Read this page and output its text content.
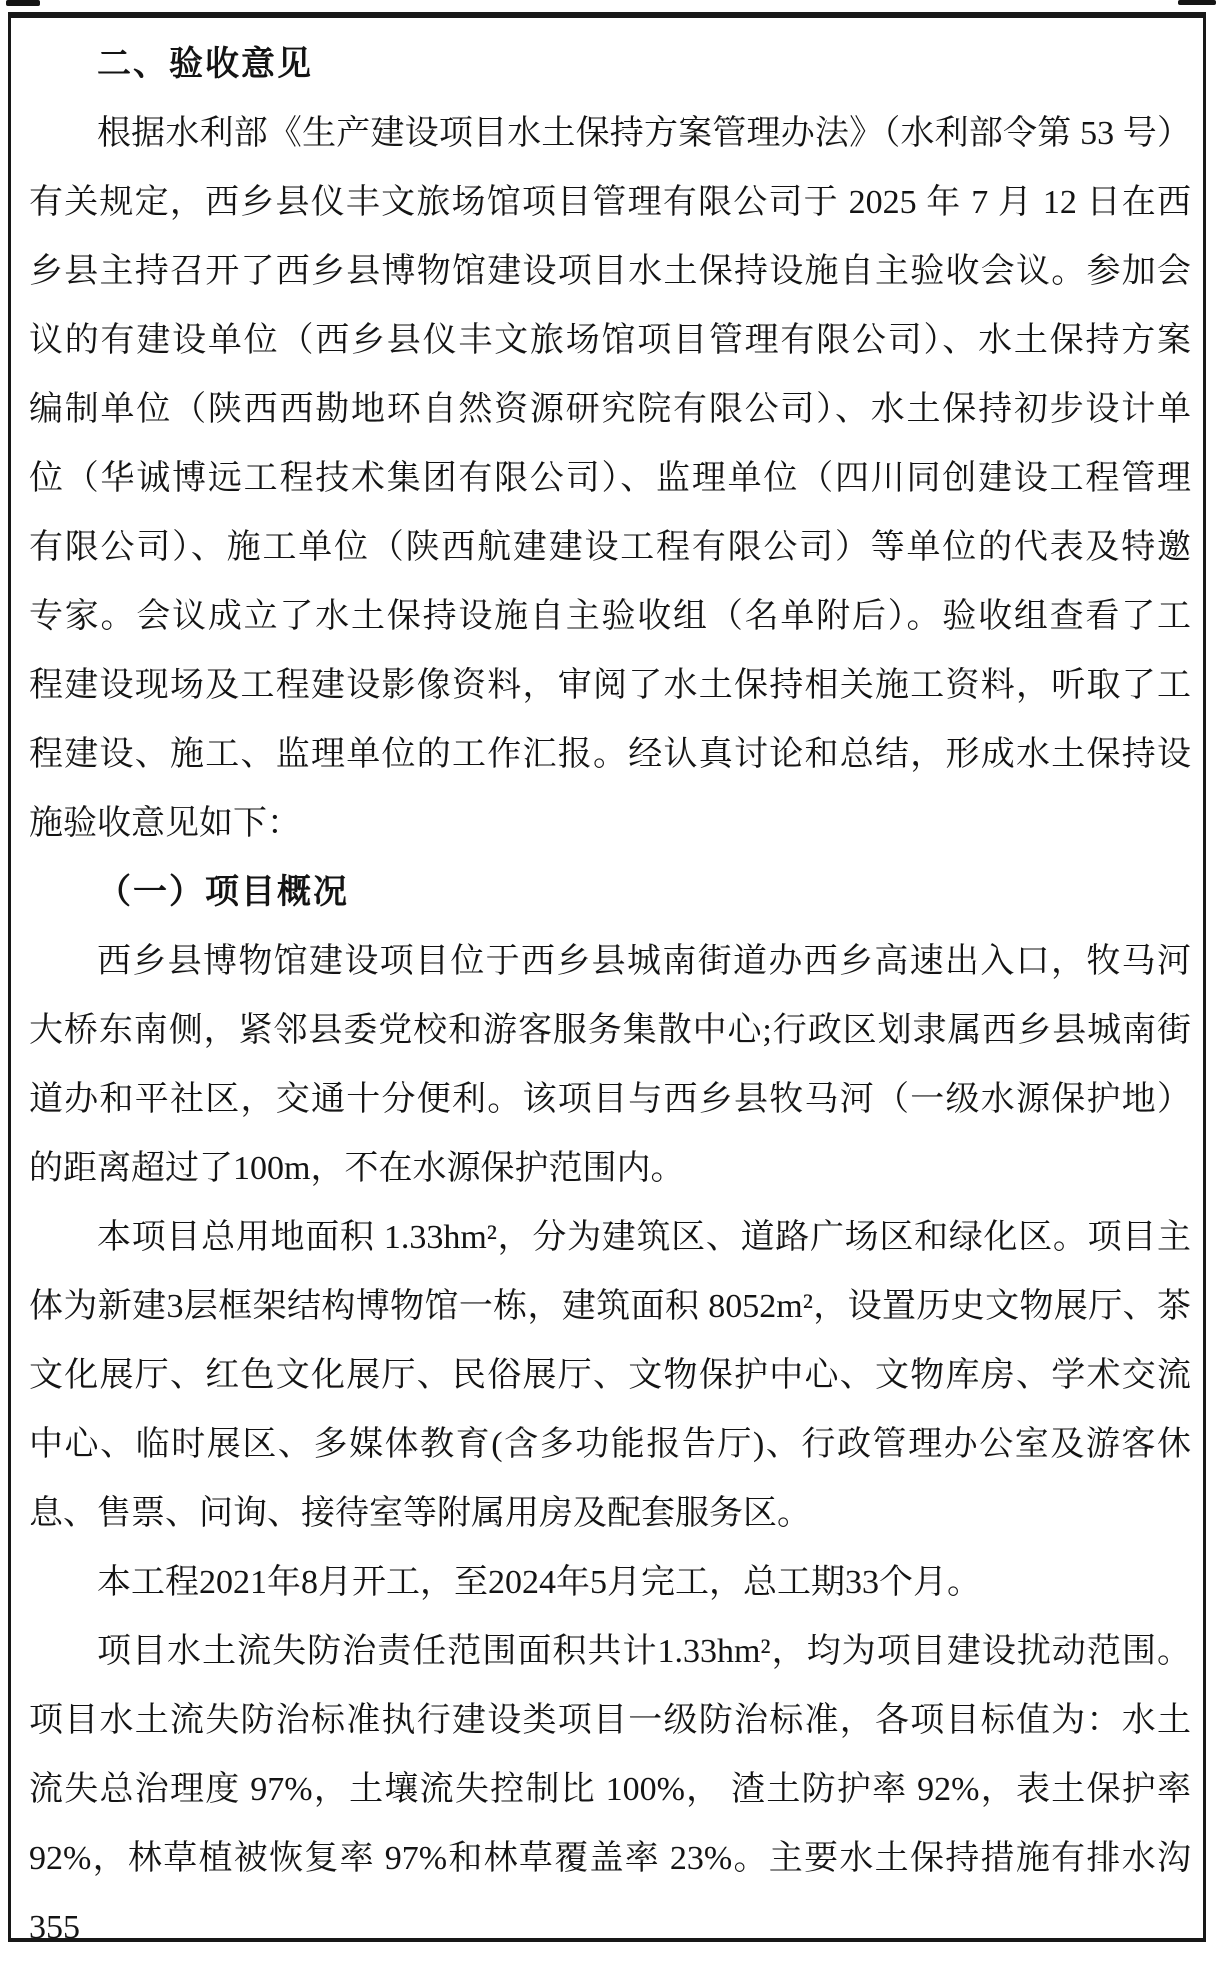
二、验收意见
根据水利部《生产建设项目水土保持方案管理办法》（水利部令第 53 号）
有关规定，西乡县仪丰文旅场馆项目管理有限公司于 2025 年 7 月 12 日在西
乡县主持召开了西乡县博物馆建设项目水土保持设施自主验收会议。参加会
议的有建设单位（西乡县仪丰文旅场馆项目管理有限公司）、水土保持方案
编制单位（陕西西勘地环自然资源研究院有限公司）、水土保持初步设计单
位（华诚博远工程技术集团有限公司）、监理单位（四川同创建设工程管理
有限公司）、施工单位（陕西航建建设工程有限公司）等单位的代表及特邀
专家。会议成立了水土保持设施自主验收组（名单附后）。验收组查看了工
程建设现场及工程建设影像资料，审阅了水土保持相关施工资料，听取了工
程建设、施工、监理单位的工作汇报。经认真讨论和总结，形成水土保持设
施验收意见如下：
（一）项目概况
西乡县博物馆建设项目位于西乡县城南街道办西乡高速出入口，牧马河
大桥东南侧，紧邻县委党校和游客服务集散中心;行政区划隶属西乡县城南街
道办和平社区，交通十分便利。该项目与西乡县牧马河（一级水源保护地）
的距离超过了100m，不在水源保护范围内。
本项目总用地面积 1.33hm²，分为建筑区、道路广场区和绿化区。项目主
体为新建3层框架结构博物馆一栋，建筑面积 8052m²，设置历史文物展厅、茶
文化展厅、红色文化展厅、民俗展厅、文物保护中心、文物库房、学术交流
中心、临时展区、多媒体教育(含多功能报告厅)、行政管理办公室及游客休
息、售票、问询、接待室等附属用房及配套服务区。
本工程2021年8月开工，至2024年5月完工，总工期33个月。
项目水土流失防治责任范围面积共计1.33hm²，均为项目建设扰动范围。
项目水土流失防治标准执行建设类项目一级防治标准，各项目标值为：水土
流失总治理度 97%，土壤流失控制比 100%， 渣土防护率 92%，表土保护率
92%，林草植被恢复率 97%和林草覆盖率 23%。主要水土保持措施有排水沟355
